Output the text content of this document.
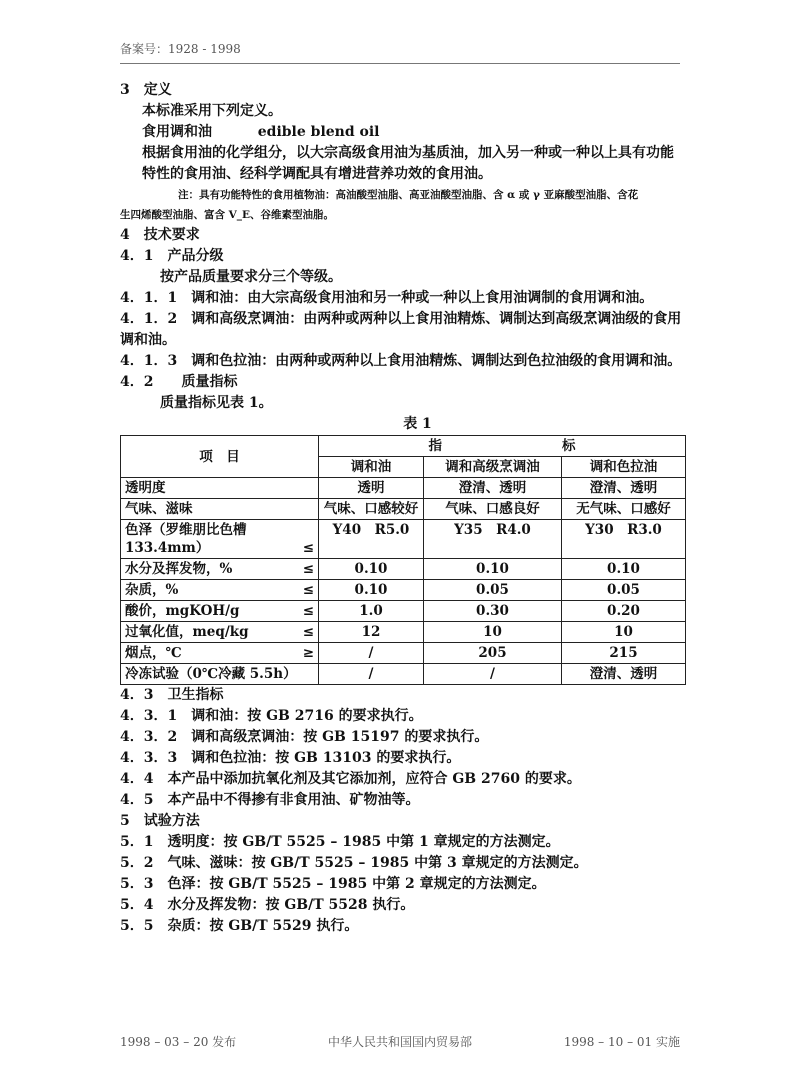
备案号：1928 - 1998
3　定义
本标准采用下列定义。
食用调和油	edible blend oil
根据食用油的化学组分，以大宗高级食用油为基质油，加入另一种或一种以上具有功能特性的食用油、经科学调配具有增进营养功效的食用油。
注：具有功能特性的食用植物油：高油酸型油脂、高亚油酸型油脂、含 α 或 γ 亚麻酸型油脂、含花
生四烯酸型油脂、富含 V_E、谷维素型油脂。
4　技术要求
4．1　产品分级
按产品质量要求分三个等级。
4．1．1　调和油：由大宗高级食用油和另一种或一种以上食用油调制的食用调和油。
4．1．2　调和高级烹调油：由两种或两种以上食用油精炼、调制达到高级烹调油级的食用调和油。
4．1．3　调和色拉油：由两种或两种以上食用油精炼、调制达到色拉油级的食用调和油。
4．2　　质量指标
质量指标见表 1。
表 1
项　目	指 标		
	调和油	调和高级烹调油	调和色拉油

透明度	透明	澄清、透明	澄清、透明

气味、滋味	气味、口感较好	气味、口感良好	无气味、口感好

色泽（罗维朋比色槽 133.4mm） ≤	Y40　R5.0	Y35　R4.0	Y30　R3.0

水分及挥发物，% ≤	0.10	0.10	0.10

杂质，% ≤	0.10	0.05	0.05

酸价，mgKOH/g ≤	1.0	0.30	0.20

过氧化值，meq/kg ≤	12	10	10

烟点，℃ ≥	/	205	215

冷冻试验（0℃冷藏 5.5h）	/	/	澄清、透明
4．3　卫生指标
4．3．1　调和油：按 GB 2716 的要求执行。
4．3．2　调和高级烹调油：按 GB 15197 的要求执行。
4．3．3　调和色拉油：按 GB 13103 的要求执行。
4．4　本产品中添加抗氧化剂及其它添加剂，应符合 GB 2760 的要求。
4．5　本产品中不得掺有非食用油、矿物油等。
5　试验方法
5．1　透明度：按 GB/T 5525 – 1985 中第 1 章规定的方法测定。
5．2　气味、滋味：按 GB/T 5525 – 1985 中第 3 章规定的方法测定。
5．3　色泽：按 GB/T 5525 – 1985 中第 2 章规定的方法测定。
5．4　水分及挥发物：按 GB/T 5528 执行。
5．5　杂质：按 GB/T 5529 执行。
1998 – 03 – 20 发布	中华人民共和国国内贸易部	1998 – 10 – 01 实施
